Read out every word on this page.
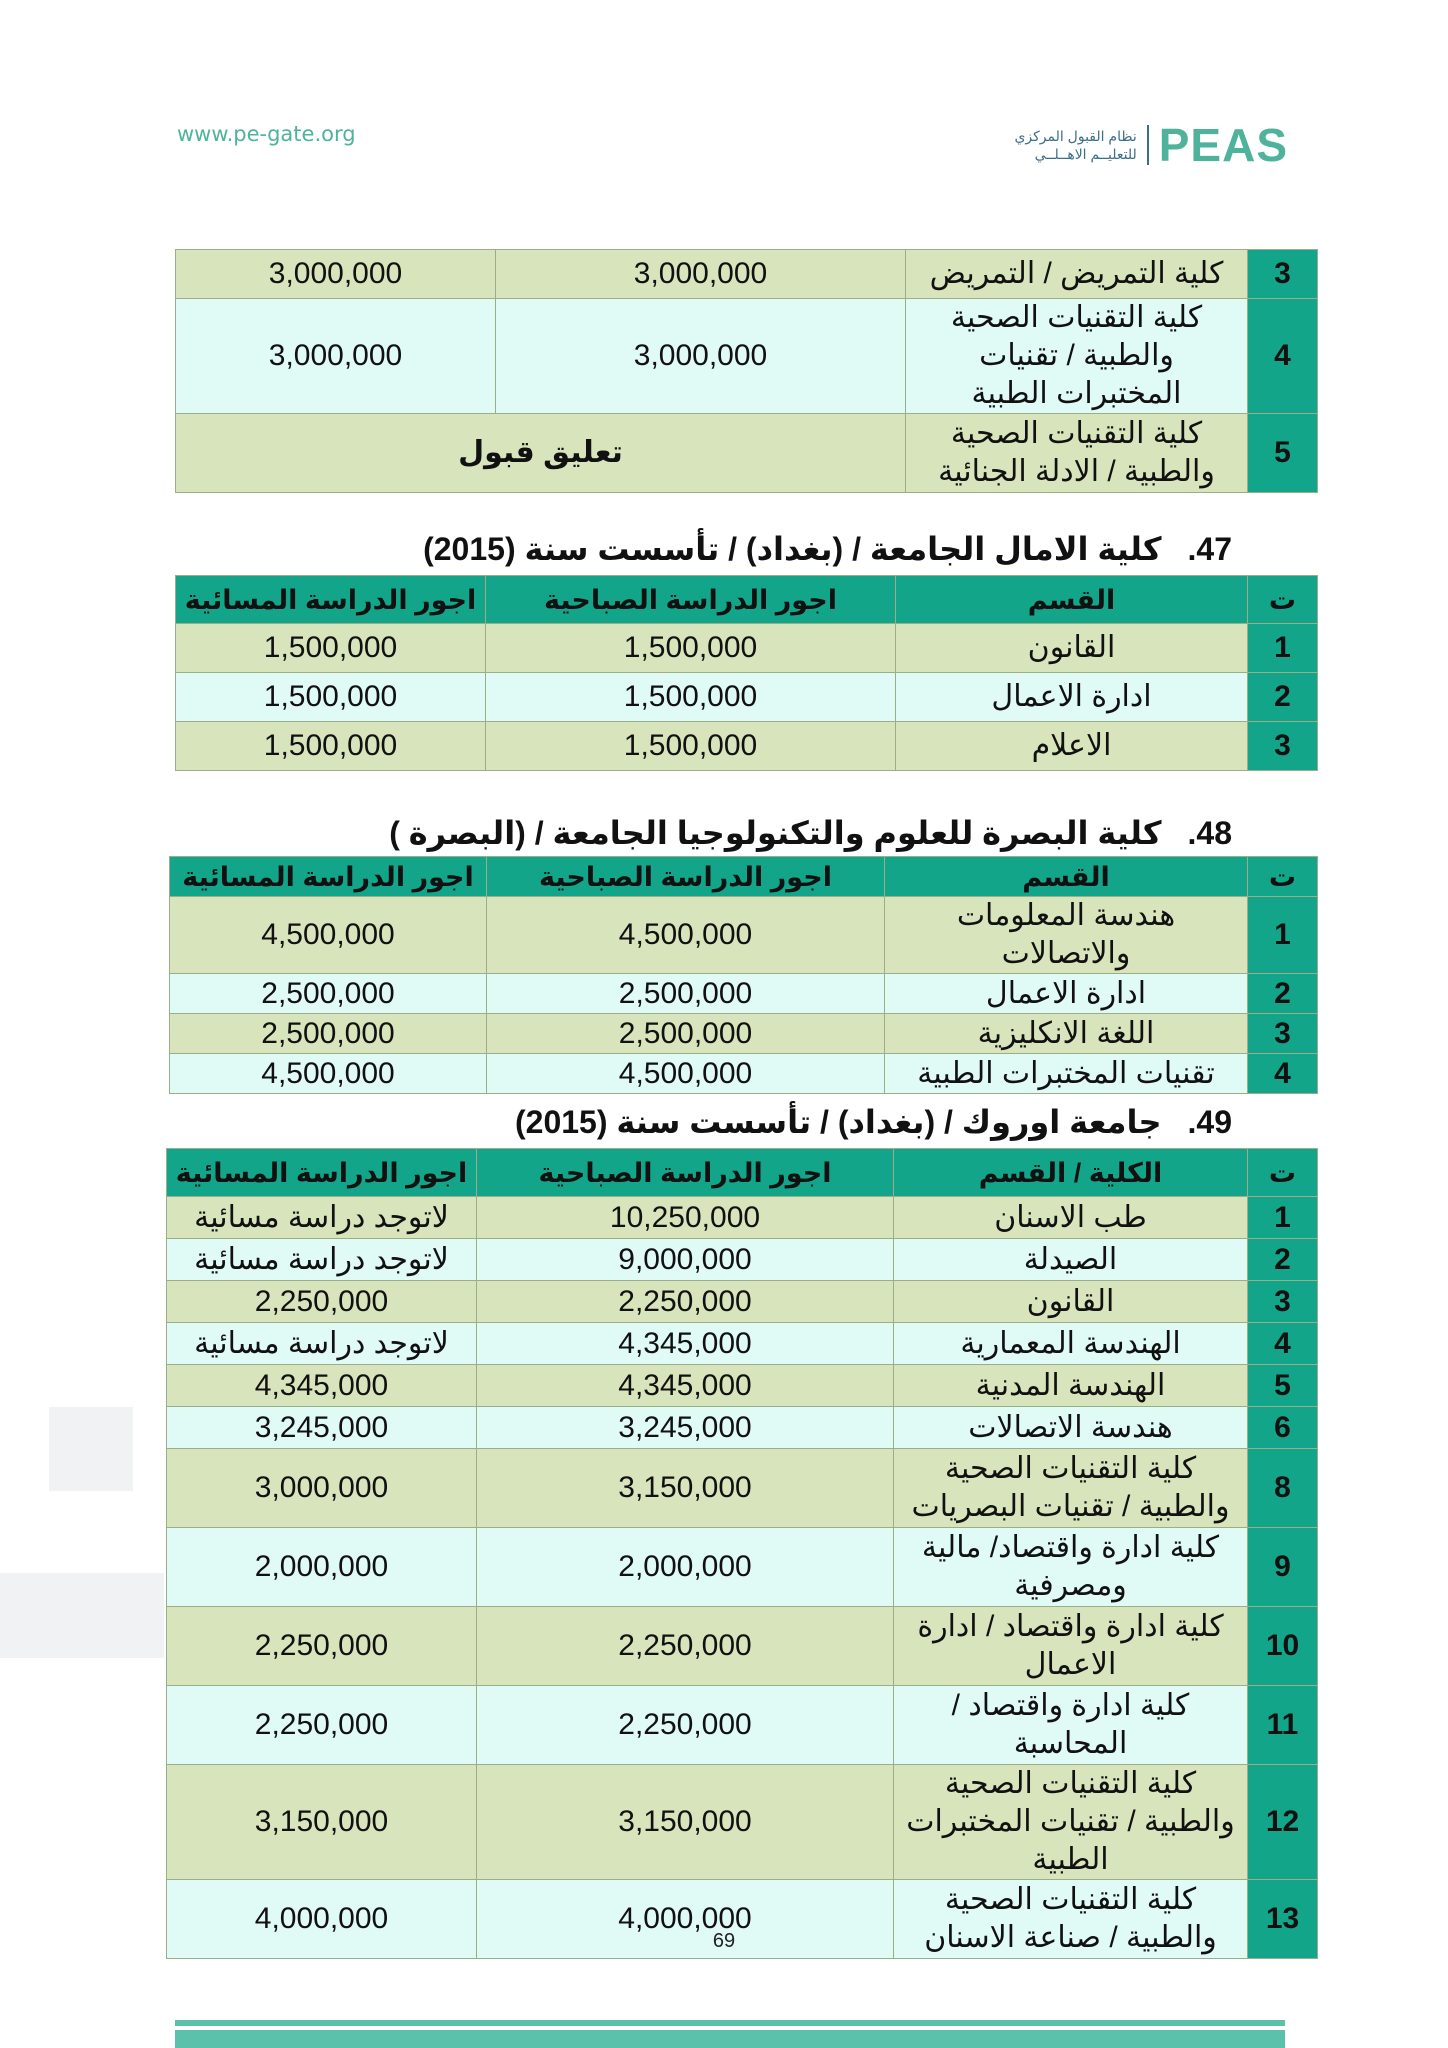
www.pe-gate.org	نظام القبول المركزي
للتعليــم الاهــلــي PEAS
3	كلية التمريض / التمريض	3,000,000	3,000,000
4	كلية التقنيات الصحية والطبية / تقنيات المختبرات الطبية	3,000,000	3,000,000
5	كلية التقنيات الصحية والطبية / الادلة الجنائية	تعليق قبول	
47.كلية الامال الجامعة / (بغداد) / تأسست سنة (2015)
ت	القسم	اجور الدراسة الصباحية	اجور الدراسة المسائية
1	القانون	1,500,000	1,500,000
2	ادارة الاعمال	1,500,000	1,500,000
3	الاعلام	1,500,000	1,500,000
48.كلية البصرة للعلوم والتكنولوجيا الجامعة / (البصرة )
ت	القسم	اجور الدراسة الصباحية	اجور الدراسة المسائية
1	هندسة المعلومات والاتصالات	4,500,000	4,500,000
2	ادارة الاعمال	2,500,000	2,500,000
3	اللغة الانكليزية	2,500,000	2,500,000
4	تقنيات المختبرات الطبية	4,500,000	4,500,000
49.جامعة اوروك / (بغداد) / تأسست سنة (2015)
ت	الكلية / القسم	اجور الدراسة الصباحية	اجور الدراسة المسائية
1	طب الاسنان	10,250,000	لاتوجد دراسة مسائية
2	الصيدلة	9,000,000	لاتوجد دراسة مسائية
3	القانون	2,250,000	2,250,000
4	الهندسة المعمارية	4,345,000	لاتوجد دراسة مسائية
5	الهندسة المدنية	4,345,000	4,345,000
6	هندسة الاتصالات	3,245,000	3,245,000
8	كلية التقنيات الصحية والطبية / تقنيات البصريات	3,150,000	3,000,000
9	كلية ادارة واقتصاد/ مالية ومصرفية	2,000,000	2,000,000
10	كلية ادارة واقتصاد / ادارة الاعمال	2,250,000	2,250,000
11	كلية ادارة واقتصاد / المحاسبة	2,250,000	2,250,000
12	كلية التقنيات الصحية والطبية / تقنيات المختبرات الطبية	3,150,000	3,150,000
13	كلية التقنيات الصحية والطبية / صناعة الاسنان	4,000,000	4,000,000
69
